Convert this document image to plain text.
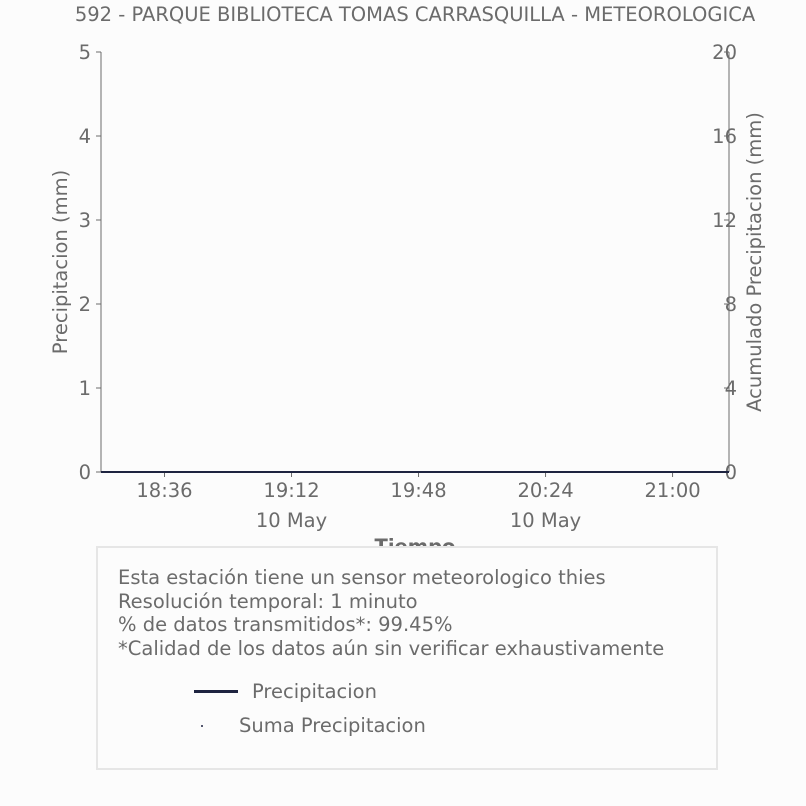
592 - PARQUE BIBLIOTECA TOMAS CARRASQUILLA - METEOROLOGICA
Precipitacion (mm)	Acumulado Precipitacion (mm)
0
1
2
3
4
5
0
4
8
12
16
20
18:36	19:12
10 May
19:48	20:24
10 May
21:00
Esta estación tiene un sensor meteorologico thies
Resolución temporal: 1 minuto
% de datos transmitidos*: 99.45%
*Calidad de los datos aún sin verificar exhaustivamente
Precipitacion
Suma Precipitacion
